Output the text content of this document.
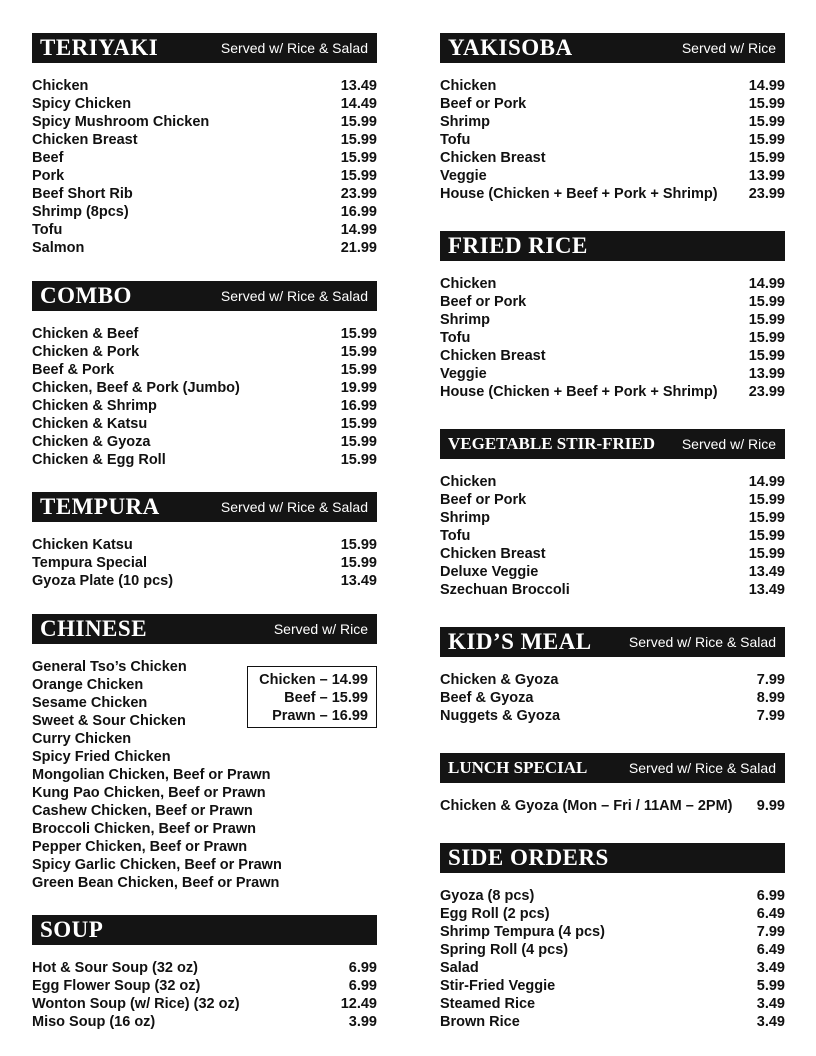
TERIYAKI	Served w/ Rice & Salad
Chicken	13.49
Spicy Chicken	14.49
Spicy Mushroom Chicken	15.99
Chicken Breast	15.99
Beef	15.99
Pork	15.99
Beef Short Rib	23.99
Shrimp (8pcs)	16.99
Tofu	14.99
Salmon	21.99
COMBO	Served w/ Rice & Salad
Chicken & Beef	15.99
Chicken & Pork	15.99
Beef & Pork	15.99
Chicken, Beef & Pork (Jumbo)	19.99
Chicken & Shrimp	16.99
Chicken & Katsu	15.99
Chicken & Gyoza	15.99
Chicken & Egg Roll	15.99
TEMPURA	Served w/ Rice & Salad
Chicken Katsu	15.99
Tempura Special	15.99
Gyoza Plate (10 pcs)	13.49
CHINESE	Served w/ Rice
General Tso’s Chicken
Orange Chicken
Sesame Chicken
Sweet & Sour Chicken
Curry Chicken
Spicy Fried Chicken
Mongolian Chicken, Beef or Prawn
Kung Pao Chicken, Beef or Prawn
Cashew Chicken, Beef or Prawn
Broccoli Chicken, Beef or Prawn
Pepper Chicken, Beef or Prawn
Spicy Garlic Chicken, Beef or Prawn
Green Bean Chicken, Beef or Prawn
Chicken – 14.99
Beef – 15.99
Prawn – 16.99
SOUP
Hot & Sour Soup (32 oz)	6.99
Egg Flower Soup (32 oz)	6.99
Wonton Soup (w/ Rice) (32 oz)	12.49
Miso Soup (16 oz)	3.99
YAKISOBA	Served w/ Rice
Chicken	14.99
Beef or Pork	15.99
Shrimp	15.99
Tofu	15.99
Chicken Breast	15.99
Veggie	13.99
House (Chicken + Beef + Pork + Shrimp) 23.99
FRIED RICE
Chicken	14.99
Beef or Pork	15.99
Shrimp	15.99
Tofu	15.99
Chicken Breast	15.99
Veggie	13.99
House (Chicken + Beef + Pork + Shrimp) 23.99
VEGETABLE STIR-FRIED Served w/ Rice
Chicken	14.99
Beef or Pork	15.99
Shrimp	15.99
Tofu	15.99
Chicken Breast	15.99
Deluxe Veggie	13.49
Szechuan Broccoli	13.49
KID’S MEAL	Served w/ Rice & Salad
Chicken & Gyoza	7.99
Beef & Gyoza	8.99
Nuggets & Gyoza	7.99
LUNCH SPECIAL	Served w/ Rice & Salad
Chicken & Gyoza (Mon – Fri / 11AM – 2PM) 9.99
SIDE ORDERS
Gyoza (8 pcs)	6.99
Egg Roll (2 pcs)	6.49
Shrimp Tempura (4 pcs)	7.99
Spring Roll (4 pcs)	6.49
Salad	3.49
Stir-Fried Veggie	5.99
Steamed Rice	3.49
Brown Rice	3.49
